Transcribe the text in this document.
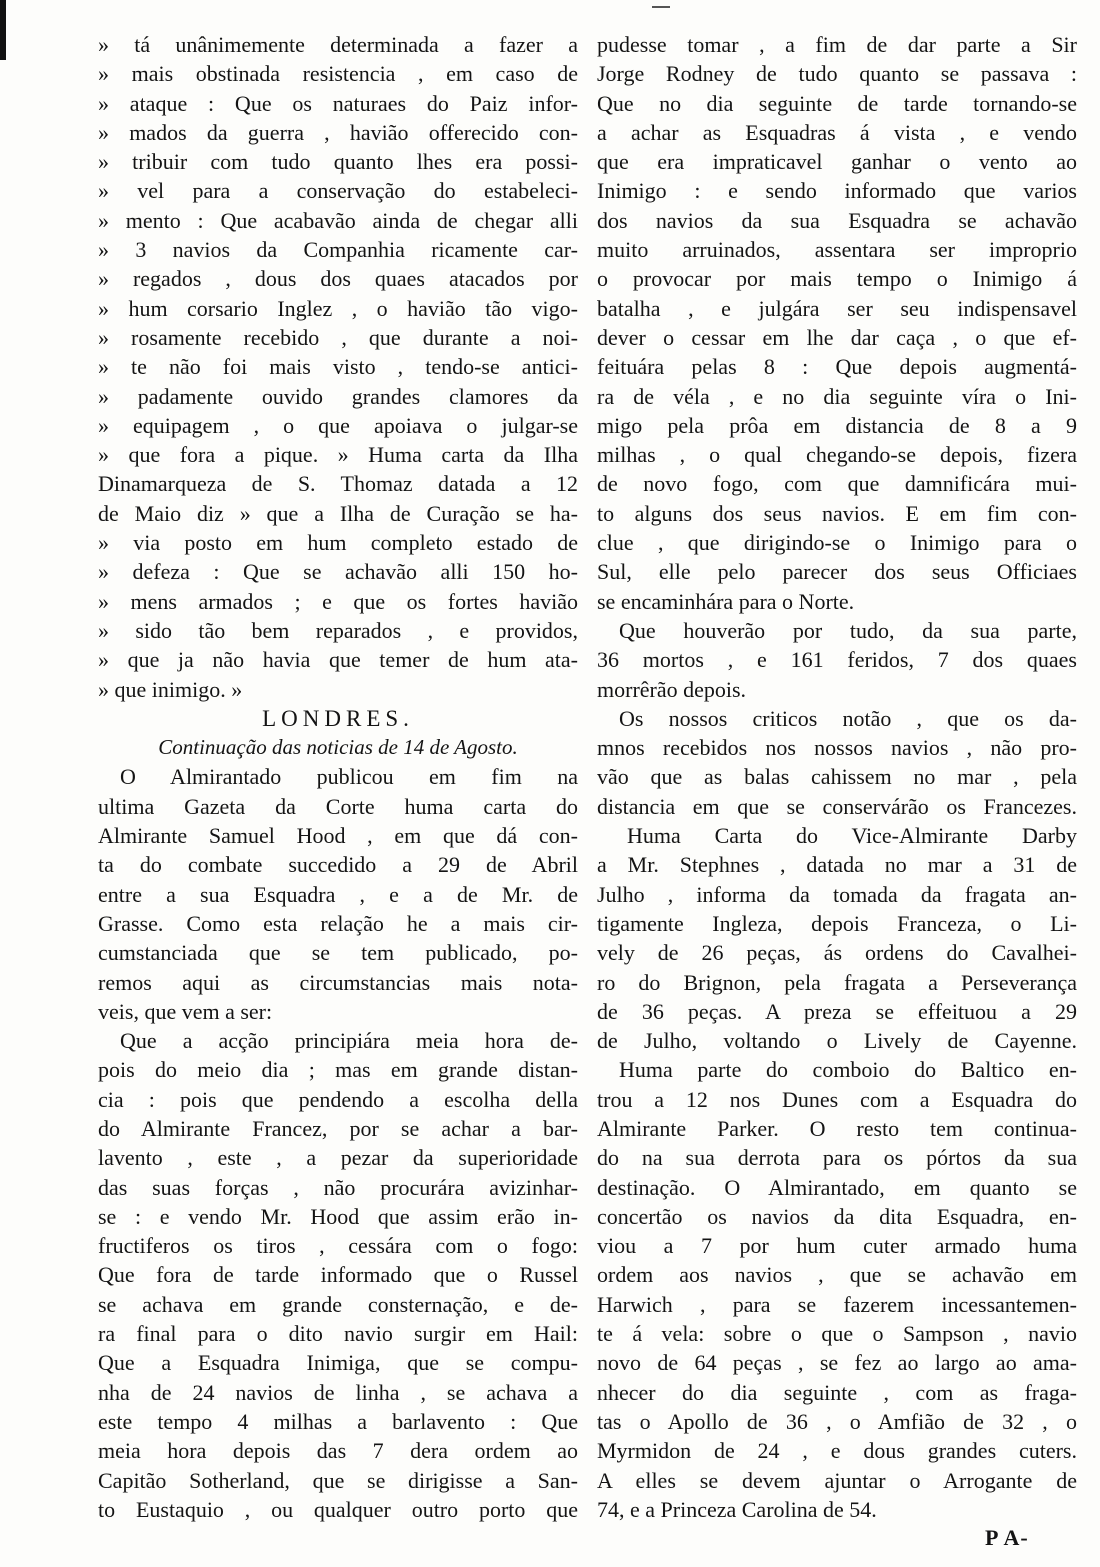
» tá unânimemente determinada a fazer a
» mais obstinada resistencia , em caso de
» ataque : Que os naturaes do Paiz infor-
» mados da guerra , havião offerecido con-
» tribuir com tudo quanto lhes era possi-
» vel para a conservação do estabeleci-
» mento : Que acabavão ainda de chegar alli
» 3 navios da Companhia ricamente car-
» regados , dous dos quaes atacados por
» hum corsario Inglez , o havião tão vigo-
» rosamente recebido , que durante a noi-
» te não foi mais visto , tendo-se antici-
» padamente ouvido grandes clamores da
» equipagem , o que apoiava o julgar-se
» que fora a pique. » Huma carta da Ilha
Dinamarqueza de S. Thomaz datada a 12
de Maio diz » que a Ilha de Curação se ha-
» via posto em hum completo estado de
» defeza : Que se achavão alli 150 ho-
» mens armados ; e que os fortes havião
» sido tão bem reparados , e providos,
» que ja não havia que temer de hum ata-
» que inimigo. »
LONDRES.
Continuação das noticias de 14 de Agosto.
O Almirantado publicou em fim na
ultima Gazeta da Corte huma carta do
Almirante Samuel Hood , em que dá con-
ta do combate succedido a 29 de Abril
entre a sua Esquadra , e a de Mr. de
Grasse. Como esta relação he a mais cir-
cumstanciada que se tem publicado, po-
remos aqui as circumstancias mais nota-
veis, que vem a ser:
Que a acção principiára meia hora de-
pois do meio dia ; mas em grande distan-
cia : pois que pendendo a escolha della
do Almirante Francez, por se achar a bar-
lavento , este , a pezar da superioridade
das suas forças , não procurára avizinhar-
se : e vendo Mr. Hood que assim erão in-
fructiferos os tiros , cessára com o fogo:
Que fora de tarde informado que o Russel
se achava em grande consternação, e de-
ra final para o dito navio surgir em Hail:
Que a Esquadra Inimiga, que se compu-
nha de 24 navios de linha , se achava a
este tempo 4 milhas a barlavento : Que
meia hora depois das 7 dera ordem ao
Capitão Sotherland, que se dirigisse a San-
to Eustaquio , ou qualquer outro porto que
pudesse tomar , a fim de dar parte a Sir
Jorge Rodney de tudo quanto se passava :
Que no dia seguinte de tarde tornando-se
a achar as Esquadras á vista , e vendo
que era impraticavel ganhar o vento ao
Inimigo : e sendo informado que varios
dos navios da sua Esquadra se achavão
muito arruinados, assentara ser improprio
o provocar por mais tempo o Inimigo á
batalha , e julgára ser seu indispensavel
dever o cessar em lhe dar caça , o que ef-
feituára pelas 8 : Que depois augmentá-
ra de véla , e no dia seguinte víra o Ini-
migo pela prôa em distancia de 8 a 9
milhas , o qual chegando-se depois, fizera
de novo fogo, com que damnificára mui-
to alguns dos seus navios. E em fim con-
clue , que dirigindo-se o Inimigo para o
Sul, elle pelo parecer dos seus Officiaes
se encaminhára para o Norte.
Que houverão por tudo, da sua parte,
36 mortos , e 161 feridos, 7 dos quaes
morrêrão depois.
Os nossos criticos notão , que os da-
mnos recebidos nos nossos navios , não pro-
vão que as balas cahissem no mar , pela
distancia em que se conservárão os Francezes.
Huma Carta do Vice-Almirante Darby
a Mr. Stephnes , datada no mar a 31 de
Julho , informa da tomada da fragata an-
tigamente Ingleza, depois Franceza, o Li-
vely de 26 peças, ás ordens do Cavalhei-
ro do Brignon, pela fragata a Perseverança
de 36 peças. A preza se effeituou a 29
de Julho, voltando o Lively de Cayenne.
Huma parte do comboio do Baltico en-
trou a 12 nos Dunes com a Esquadra do
Almirante Parker. O resto tem continua-
do na sua derrota para os pórtos da sua
destinação. O Almirantado, em quanto se
concertão os navios da dita Esquadra, en-
viou a 7 por hum cuter armado huma
ordem aos navios , que se achavão em
Harwich , para se fazerem incessantemen-
te á vela: sobre o que o Sampson , navio
novo de 64 peças , se fez ao largo ao ama-
nhecer do dia seguinte , com as fraga-
tas o Apollo de 36 , o Amfião de 32 , o
Myrmidon de 24 , e dous grandes cuters.
A elles se devem ajuntar o Arrogante de
74, e a Princeza Carolina de 54.
P A-
